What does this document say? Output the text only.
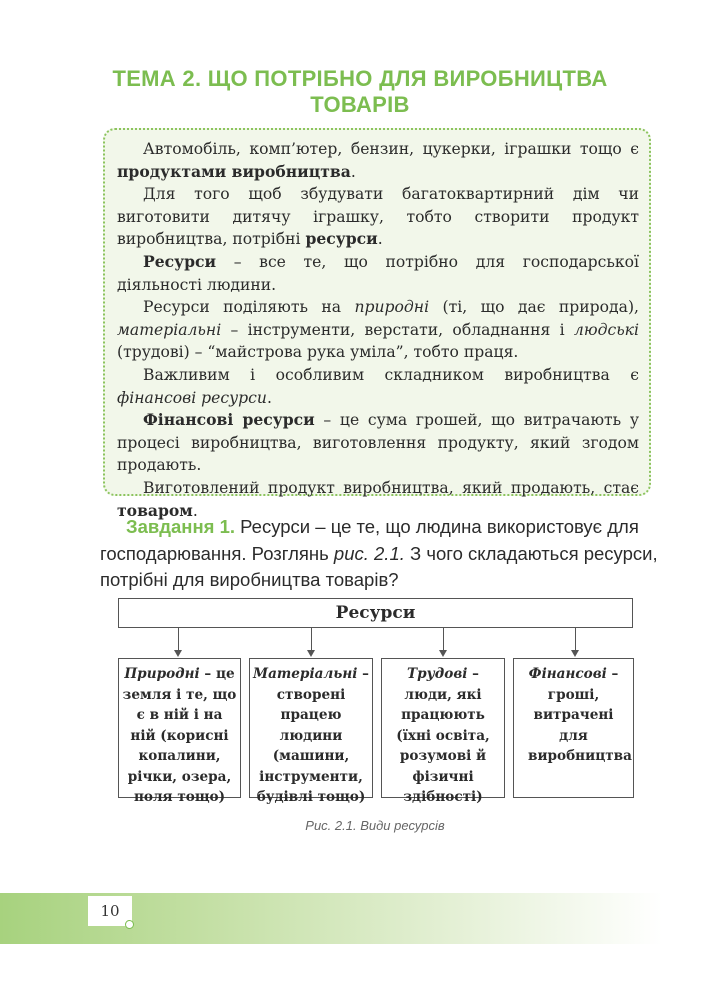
ТЕМА 2. ЩО ПОТРІБНО ДЛЯ ВИРОБНИЦТВА
ТОВАРІВ

Автомобіль, комп’ютер, бензин, цукерки, іграшки тощо є продуктами виробництва.

Для того щоб збудувати багатоквартирний дім чи виготовити дитячу іграшку, тобто створити продукт виробництва, потрібні ресурси.

Ресурси – все те, що потрібно для господарської діяльності людини.

Ресурси поділяють на природні (ті, що дає природа), матеріальні – інструменти, верстати, обладнання і людські (трудові) – “майстрова рука уміла”, тобто праця.

Важливим і особливим складником виробництва є фінансові ресурси.

Фінансові ресурси – це сума грошей, що витрачають у процесі виробництва, виготовлення продукту, який згодом продають.

Виготовлений продукт виробництва, який продають, стає товаром.

Завдання 1. Ресурси – це те, що людина використовує для господарювання. Розглянь рис. 2.1. З чого складаються ресурси, потрібні для виробництва товарів?
Ресурси
Природні – це земля і те, що є в ній і на ній (корисні копалини, річки, озера, поля тощо)
Матеріальні – створені працею людини (машини, інструменти, будівлі тощо)
Трудові – люди, які працюють (їхні освіта, розумові й фізичні здібності)
Фінансові – гроші, витрачені для виробництва
Рис. 2.1. Види ресурсів
10
